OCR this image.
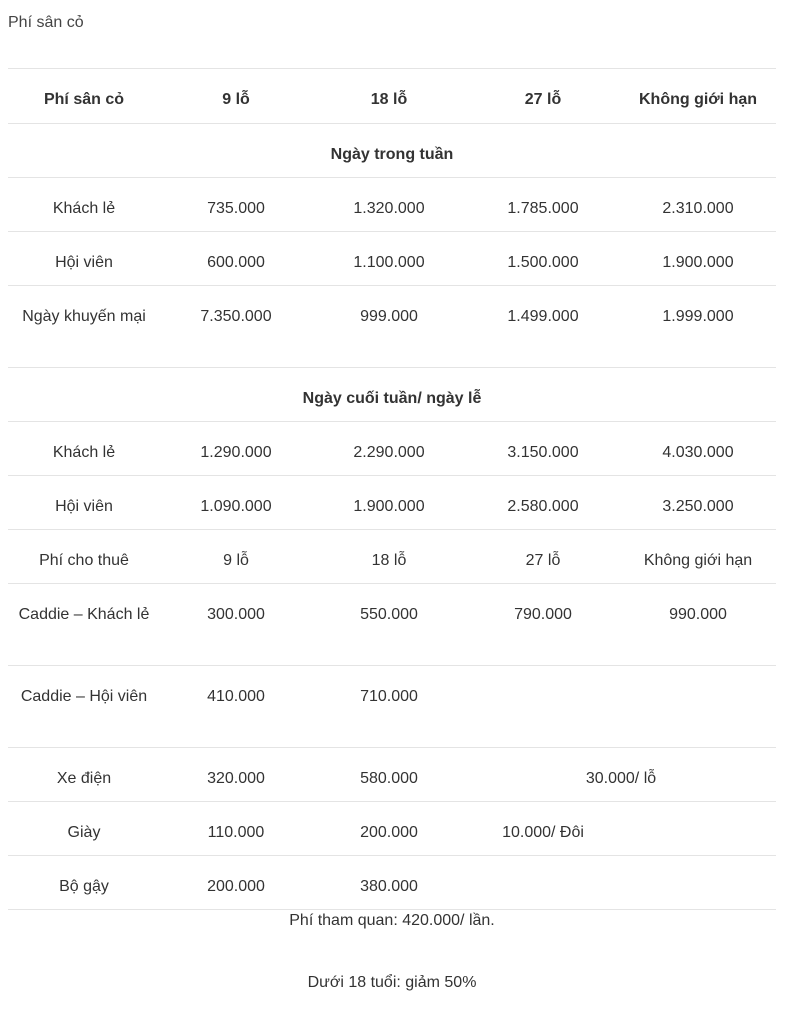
Phí sân cỏ
Phí sân cỏ	9 lỗ	18 lỗ	27 lỗ	Không giới hạn
Ngày trong tuần				
Khách lẻ	735.000	1.320.000	1.785.000	2.310.000
Hội viên	600.000	1.100.000	1.500.000	1.900.000
Ngày khuyến mại	7.350.000	999.000	1.499.000	1.999.000
Ngày cuối tuần/ ngày lễ				
Khách lẻ	1.290.000	2.290.000	3.150.000	4.030.000
Hội viên	1.090.000	1.900.000	2.580.000	3.250.000
Phí cho thuê	9 lỗ	18 lỗ	27 lỗ	Không giới hạn
Caddie – Khách lẻ	300.000	550.000	790.000	990.000
Caddie – Hội viên	410.000	710.000		
Xe điện	320.000	580.000	30.000/ lỗ	
Giày	110.000	200.000	10.000/ Đôi	
Bộ gậy	200.000	380.000		
Phí tham quan: 420.000/ lần.
Dưới 18 tuổi: giảm 50%
